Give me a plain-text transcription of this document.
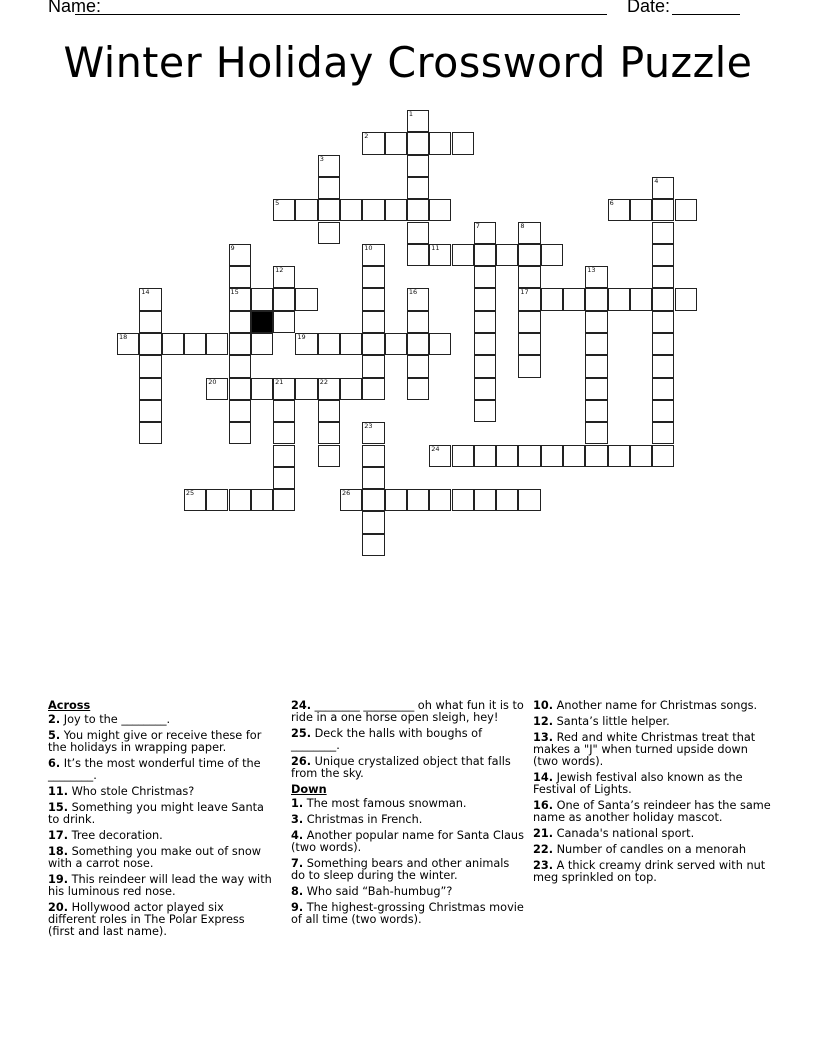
Name:	Date:
Winter Holiday Crossword Puzzle
1
2
3
4
5	6
7	8
17
9
15
10	11
12	13
14	16
18	19
20	21	22
23
24
25	26
Across
2. Joy to the ________.
5. You might give or receive these for the holidays in wrapping paper.
6. It’s the most wonderful time of the ________.
11. Who stole Christmas?
15. Something you might leave Santa to drink.
17. Tree decoration.
18. Something you make out of snow with a carrot nose.
19. This reindeer will lead the way with his luminous red nose.
20. Hollywood actor played six different roles in The Polar Express (first and last name).
24. ________ _________ oh what fun it is to ride in a one horse open sleigh, hey!
25. Deck the halls with boughs of ________.
26. Unique crystalized object that falls from the sky.
Down
1. The most famous snowman.
3. Christmas in French.
4. Another popular name for Santa Claus (two words).
7. Something bears and other animals do to sleep during the winter.
8. Who said “Bah-humbug”?
9. The highest-grossing Christmas movie of all time (two words).
10. Another name for Christmas songs.
12. Santa’s little helper.
13. Red and white Christmas treat that makes a "J" when turned upside down (two words).
14. Jewish festival also known as the Festival of Lights.
16. One of Santa’s reindeer has the same name as another holiday mascot.
21. Canada's national sport.
22. Number of candles on a menorah
23. A thick creamy drink served with nut meg sprinkled on top.
